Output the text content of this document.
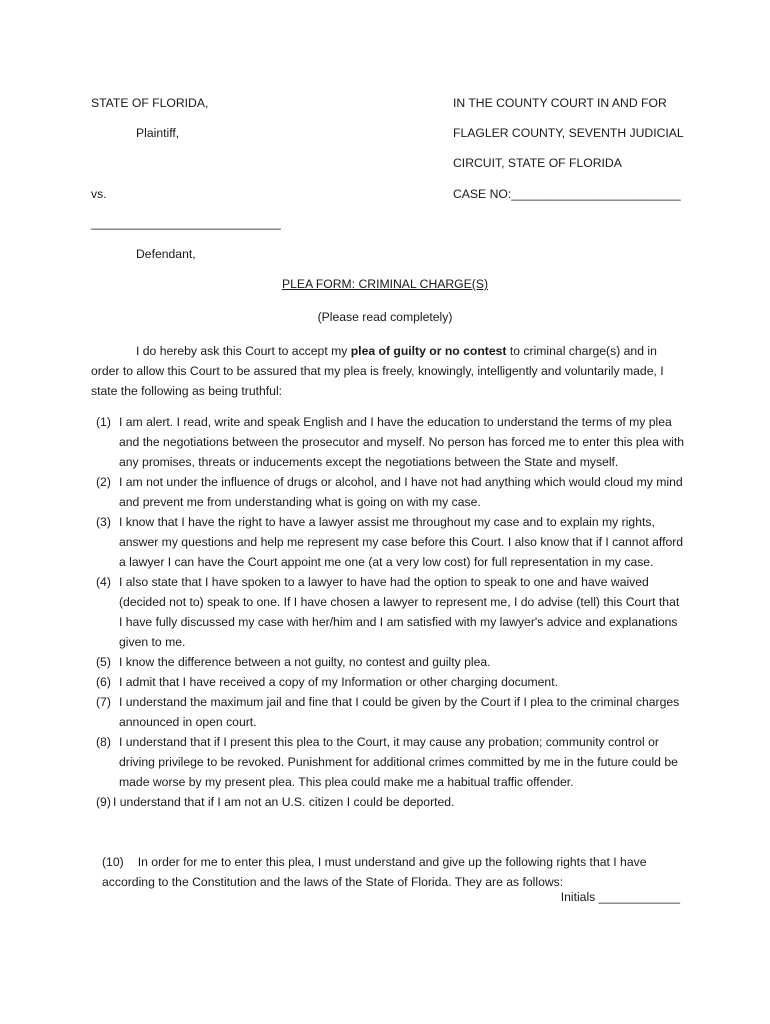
STATE OF FLORIDA,
Plaintiff,
vs.
____________________________
Defendant,
IN THE COUNTY COURT IN AND FOR
FLAGLER COUNTY, SEVENTH JUDICIAL
CIRCUIT, STATE OF FLORIDA
CASE NO:_________________________
PLEA FORM: CRIMINAL CHARGE(S)
(Please read completely)
I do hereby ask this Court to accept my plea of guilty or no contest to criminal charge(s) and in order to allow this Court to be assured that my plea is freely, knowingly, intelligently and voluntarily made, I state the following as being truthful:
(1) I am alert. I read, write and speak English and I have the education to understand the terms of my plea and the negotiations between the prosecutor and myself. No person has forced me to enter this plea with any promises, threats or inducements except the negotiations between the State and myself.
(2) I am not under the influence of drugs or alcohol, and I have not had anything which would cloud my mind and prevent me from understanding what is going on with my case.
(3) I know that I have the right to have a lawyer assist me throughout my case and to explain my rights, answer my questions and help me represent my case before this Court. I also know that if I cannot afford a lawyer I can have the Court appoint me one (at a very low cost) for full representation in my case.
(4) I also state that I have spoken to a lawyer to have had the option to speak to one and have waived (decided not to) speak to one. If I have chosen a lawyer to represent me, I do advise (tell) this Court that I have fully discussed my case with her/him and I am satisfied with my lawyer's advice and explanations given to me.
(5) I know the difference between a not guilty, no contest and guilty plea.
(6) I admit that I have received a copy of my Information or other charging document.
(7) I understand the maximum jail and fine that I could be given by the Court if I plea to the criminal charges announced in open court.
(8) I understand that if I present this plea to the Court, it may cause any probation; community control or driving privilege to be revoked. Punishment for additional crimes committed by me in the future could be made worse by my present plea. This plea could make me a habitual traffic offender.
(9) I understand that if I am not an U.S. citizen I could be deported.
(10) In order for me to enter this plea, I must understand and give up the following rights that I have according to the Constitution and the laws of the State of Florida. They are as follows:
Initials ____________
